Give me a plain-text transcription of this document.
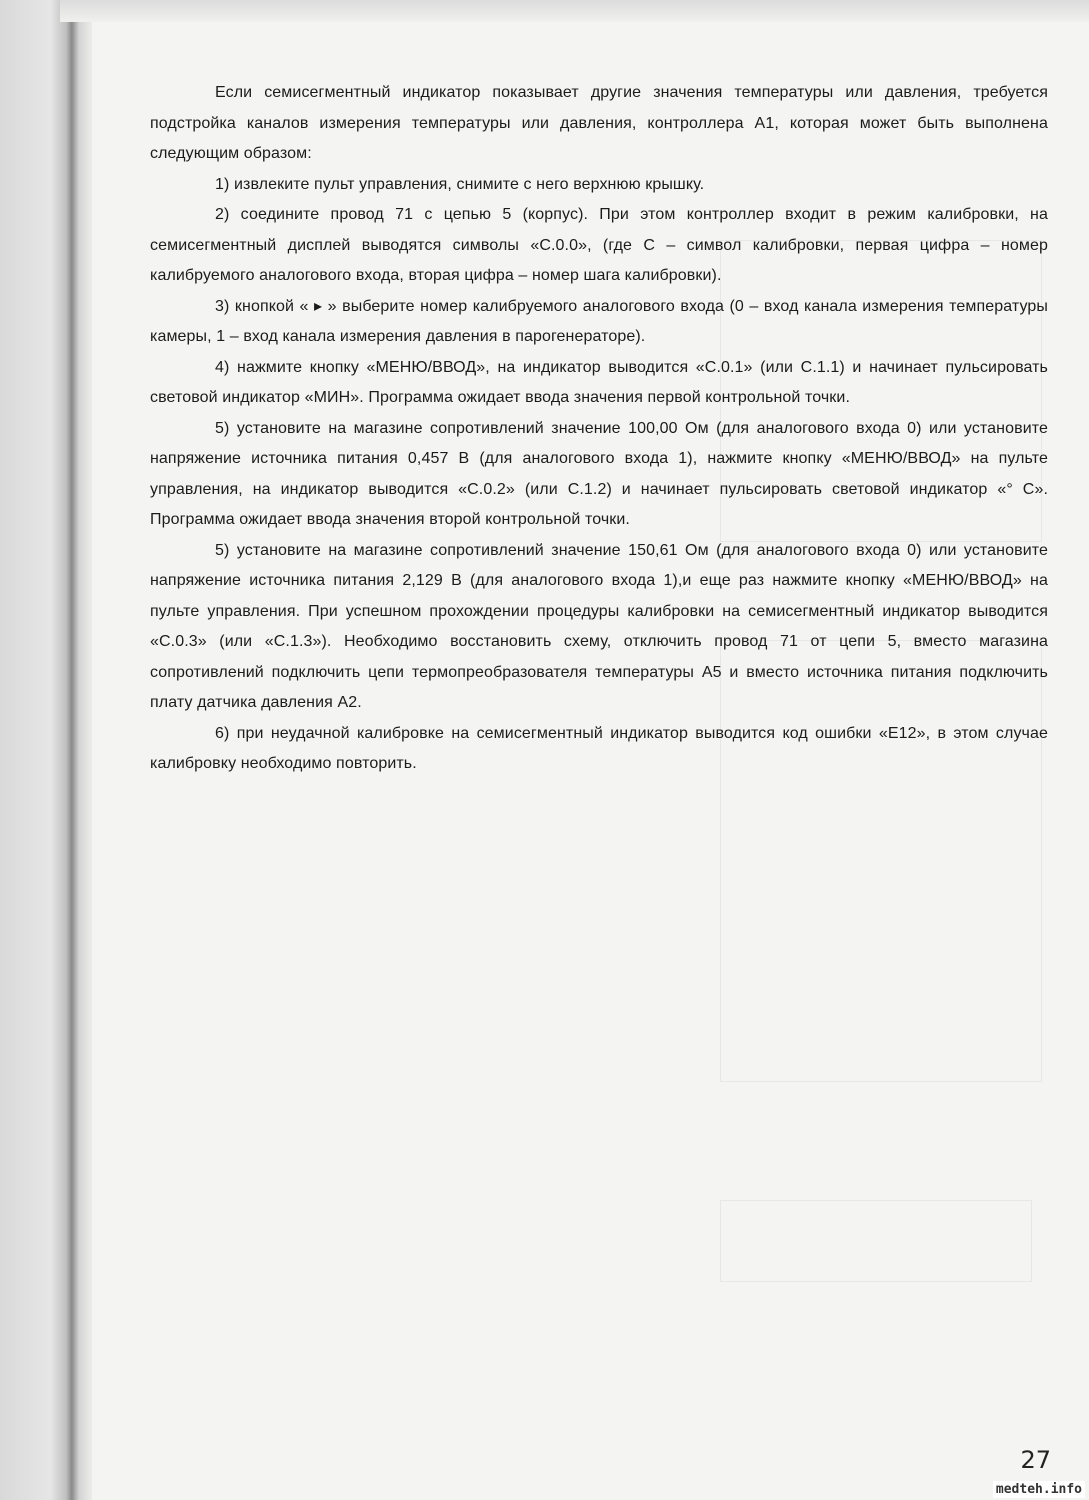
Если семисегментный индикатор показывает другие значения температуры или давления, требуется подстройка каналов измерения температуры или давления, контроллера А1, которая может быть выполнена следующим образом:

1) извлеките пульт управления, снимите с него верхнюю крышку.

2) соедините провод 71 с цепью 5 (корпус). При этом контроллер входит в режим калибровки, на семисегментный дисплей выводятся символы «С.0.0», (где С – символ калибровки, первая цифра – номер калибруемого аналогового входа, вторая цифра – номер шага калибровки).

3) кнопкой « ▸ » выберите номер калибруемого аналогового входа (0 – вход канала измерения температуры камеры, 1 – вход канала измерения давления в парогенераторе).

4) нажмите кнопку «МЕНЮ/ВВОД», на индикатор выводится «С.0.1» (или С.1.1) и начинает пульсировать световой индикатор «МИН». Программа ожидает ввода значения первой контрольной точки.

5) установите на магазине сопротивлений значение 100,00 Ом (для аналогового входа 0) или установите напряжение источника питания 0,457 В (для аналогового входа 1), нажмите кнопку «МЕНЮ/ВВОД» на пульте управления, на индикатор выводится «С.0.2» (или С.1.2) и начинает пульсировать световой индикатор «° С». Программа ожидает ввода значения второй контрольной точки.

5) установите на магазине сопротивлений значение 150,61 Ом (для аналогового входа 0) или установите напряжение источника питания 2,129 В (для аналогового входа 1),и еще раз нажмите кнопку «МЕНЮ/ВВОД» на пульте управления. При успешном прохождении процедуры калибровки на семисегментный индикатор выводится «С.0.3» (или «С.1.3»). Необходимо восстановить схему, отключить провод 71 от цепи 5, вместо магазина сопротивлений подключить цепи термопреобразователя температуры А5 и вместо источника питания подключить плату датчика давления А2.

6) при неудачной калибровке на семисегментный индикатор выводится код ошибки «Е12», в этом случае калибровку необходимо повторить.

27
medteh.info
